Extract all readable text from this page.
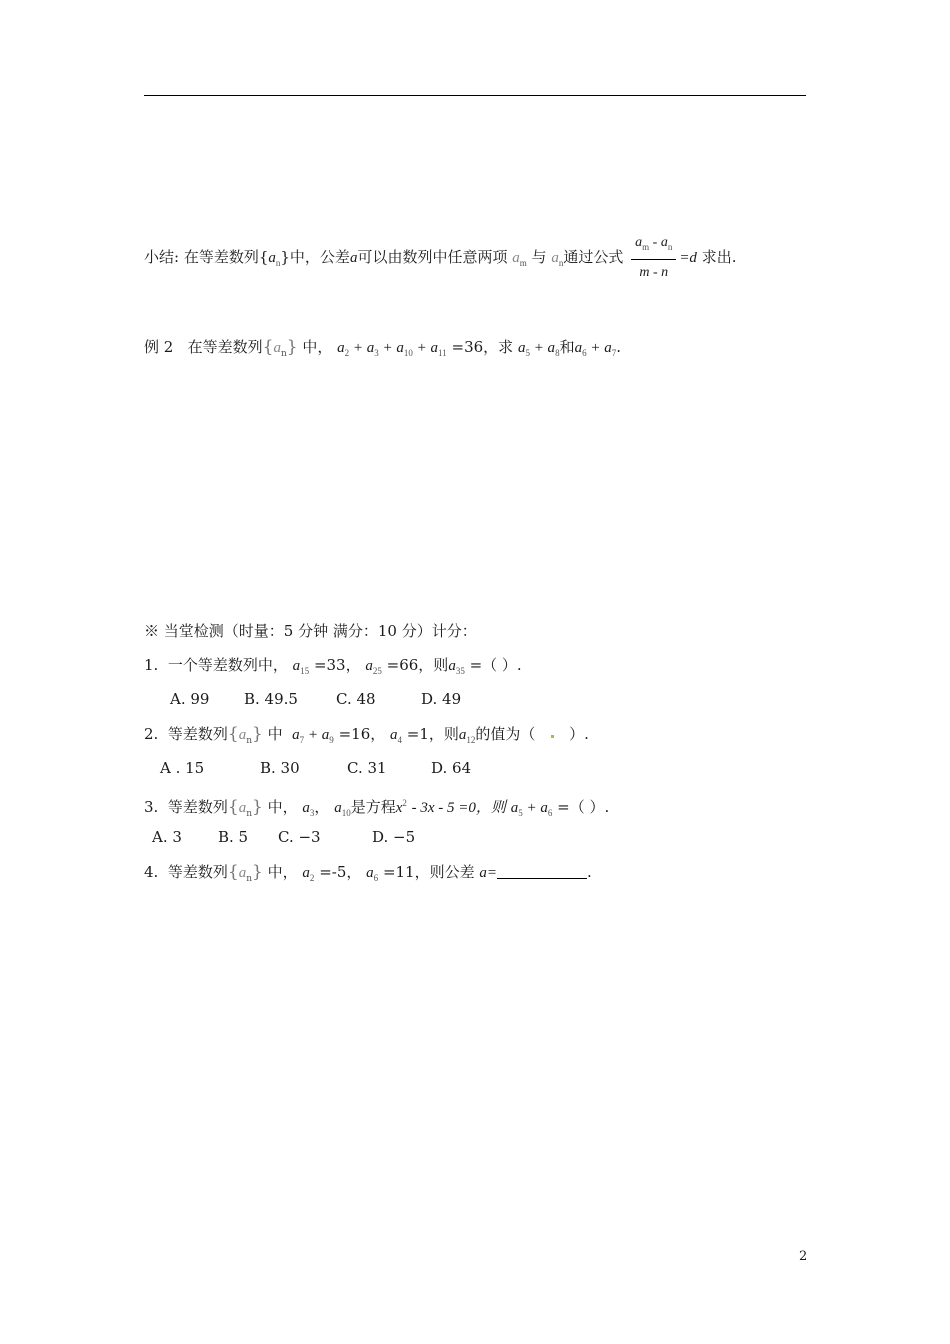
小结: 在等差数列$\{a_n\}$中，公差a可以由数列中任意两项 $a_m$ 与 $a_n$通过公式 $\frac{a_m - a_n}{m - n} =d$ 求出.
例 2 在等差数列$\{a_n\}$ 中， $a_2 + a_3 + a_{10} + a_{11} =36$，求 $a_5 + a_8$和$a_6 + a_7$.
※ 当堂检测（时量：5 分钟 满分：10 分）计分：
1. 一个等差数列中， $a_{15} =33$， $a_{25} =66$，则$a_{35}$ =（ ）.
A. 99 B. 49.5	C. 48	D. 49
2. 等差数列$\{a_n\}$ 中 $a_7 + a_9 =16$， $a_4 =1$，则$a_{12}$的值为（ ）.
A . 15	B. 30	C. 31	D. 64
3. 等差数列$\{a_n\}$ 中， $a_3$， $a_{10}$是方程$x^2 - 3x - 5 =0$，则 $a_5 + a_6$ =（ ）.
A. 3 B. 5 C. −3	D. −5
4. 等差数列$\{a_n\}$ 中， $a_2 =-5$， $a_6 =11$，则公差 a=	.
2
